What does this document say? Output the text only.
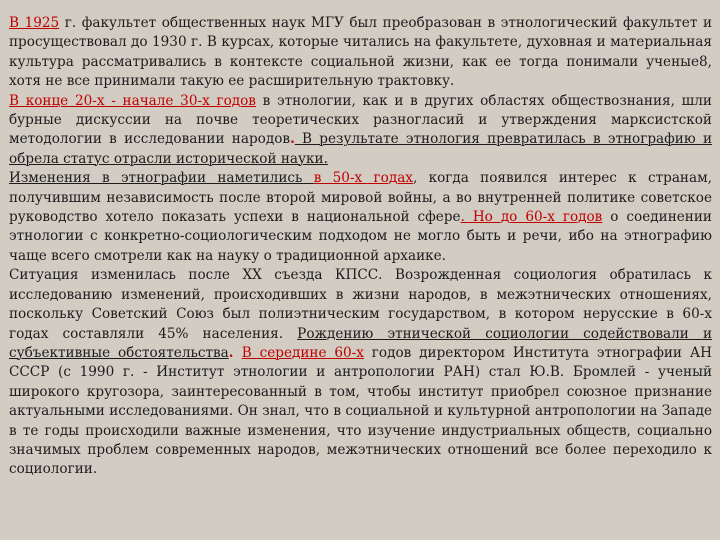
В 1925 г. факультет общественных наук МГУ был преобразован в этнологический факультет и просуществовал до 1930 г. В курсах, которые читались на факультете, духовная и материальная культура рассматривались в контексте социальной жизни, как ее тогда понимали ученые8, хотя не все принимали такую ее расширительную трактовку.

В конце 20-х - начале 30-х годов в этнологии, как и в других областях обществознания, шли бурные дискуссии на почве теоретических разногласий и утверждения марксистской методологии в исследовании народов. В результате этнология превратилась в этнографию и обрела статус отрасли исторической науки.

Изменения в этнографии наметились в 50-х годах, когда появился интерес к странам, получившим независимость после второй мировой войны, а во внутренней политике советское руководство хотело показать успехи в национальной сфере. Но до 60-х годов о соединении этнологии с конкретно-социологическим подходом не могло быть и речи, ибо на этнографию чаще всего смотрели как на науку о традиционной архаике.

Ситуация изменилась после XX съезда КПСС. Возрожденная социология обратилась к исследованию изменений, происходивших в жизни народов, в межэтнических отношениях, поскольку Советский Союз был полиэтническим государством, в котором нерусские в 60-х годах составляли 45% населения. Рождению этнической социологии содействовали и субъективные обстоятельства. В середине 60-х годов директором Института этнографии АН СССР (с 1990 г. - Институт этнологии и антропологии РАН) стал Ю.В. Бромлей - ученый широкого кругозора, заинтересованный в том, чтобы институт приобрел союзное признание актуальными исследованиями. Он знал, что в социальной и культурной антропологии на Западе в те годы происходили важные изменения, что изучение индустриальных обществ, социально значимых проблем современных народов, межэтнических отношений все более переходило к социологии.
